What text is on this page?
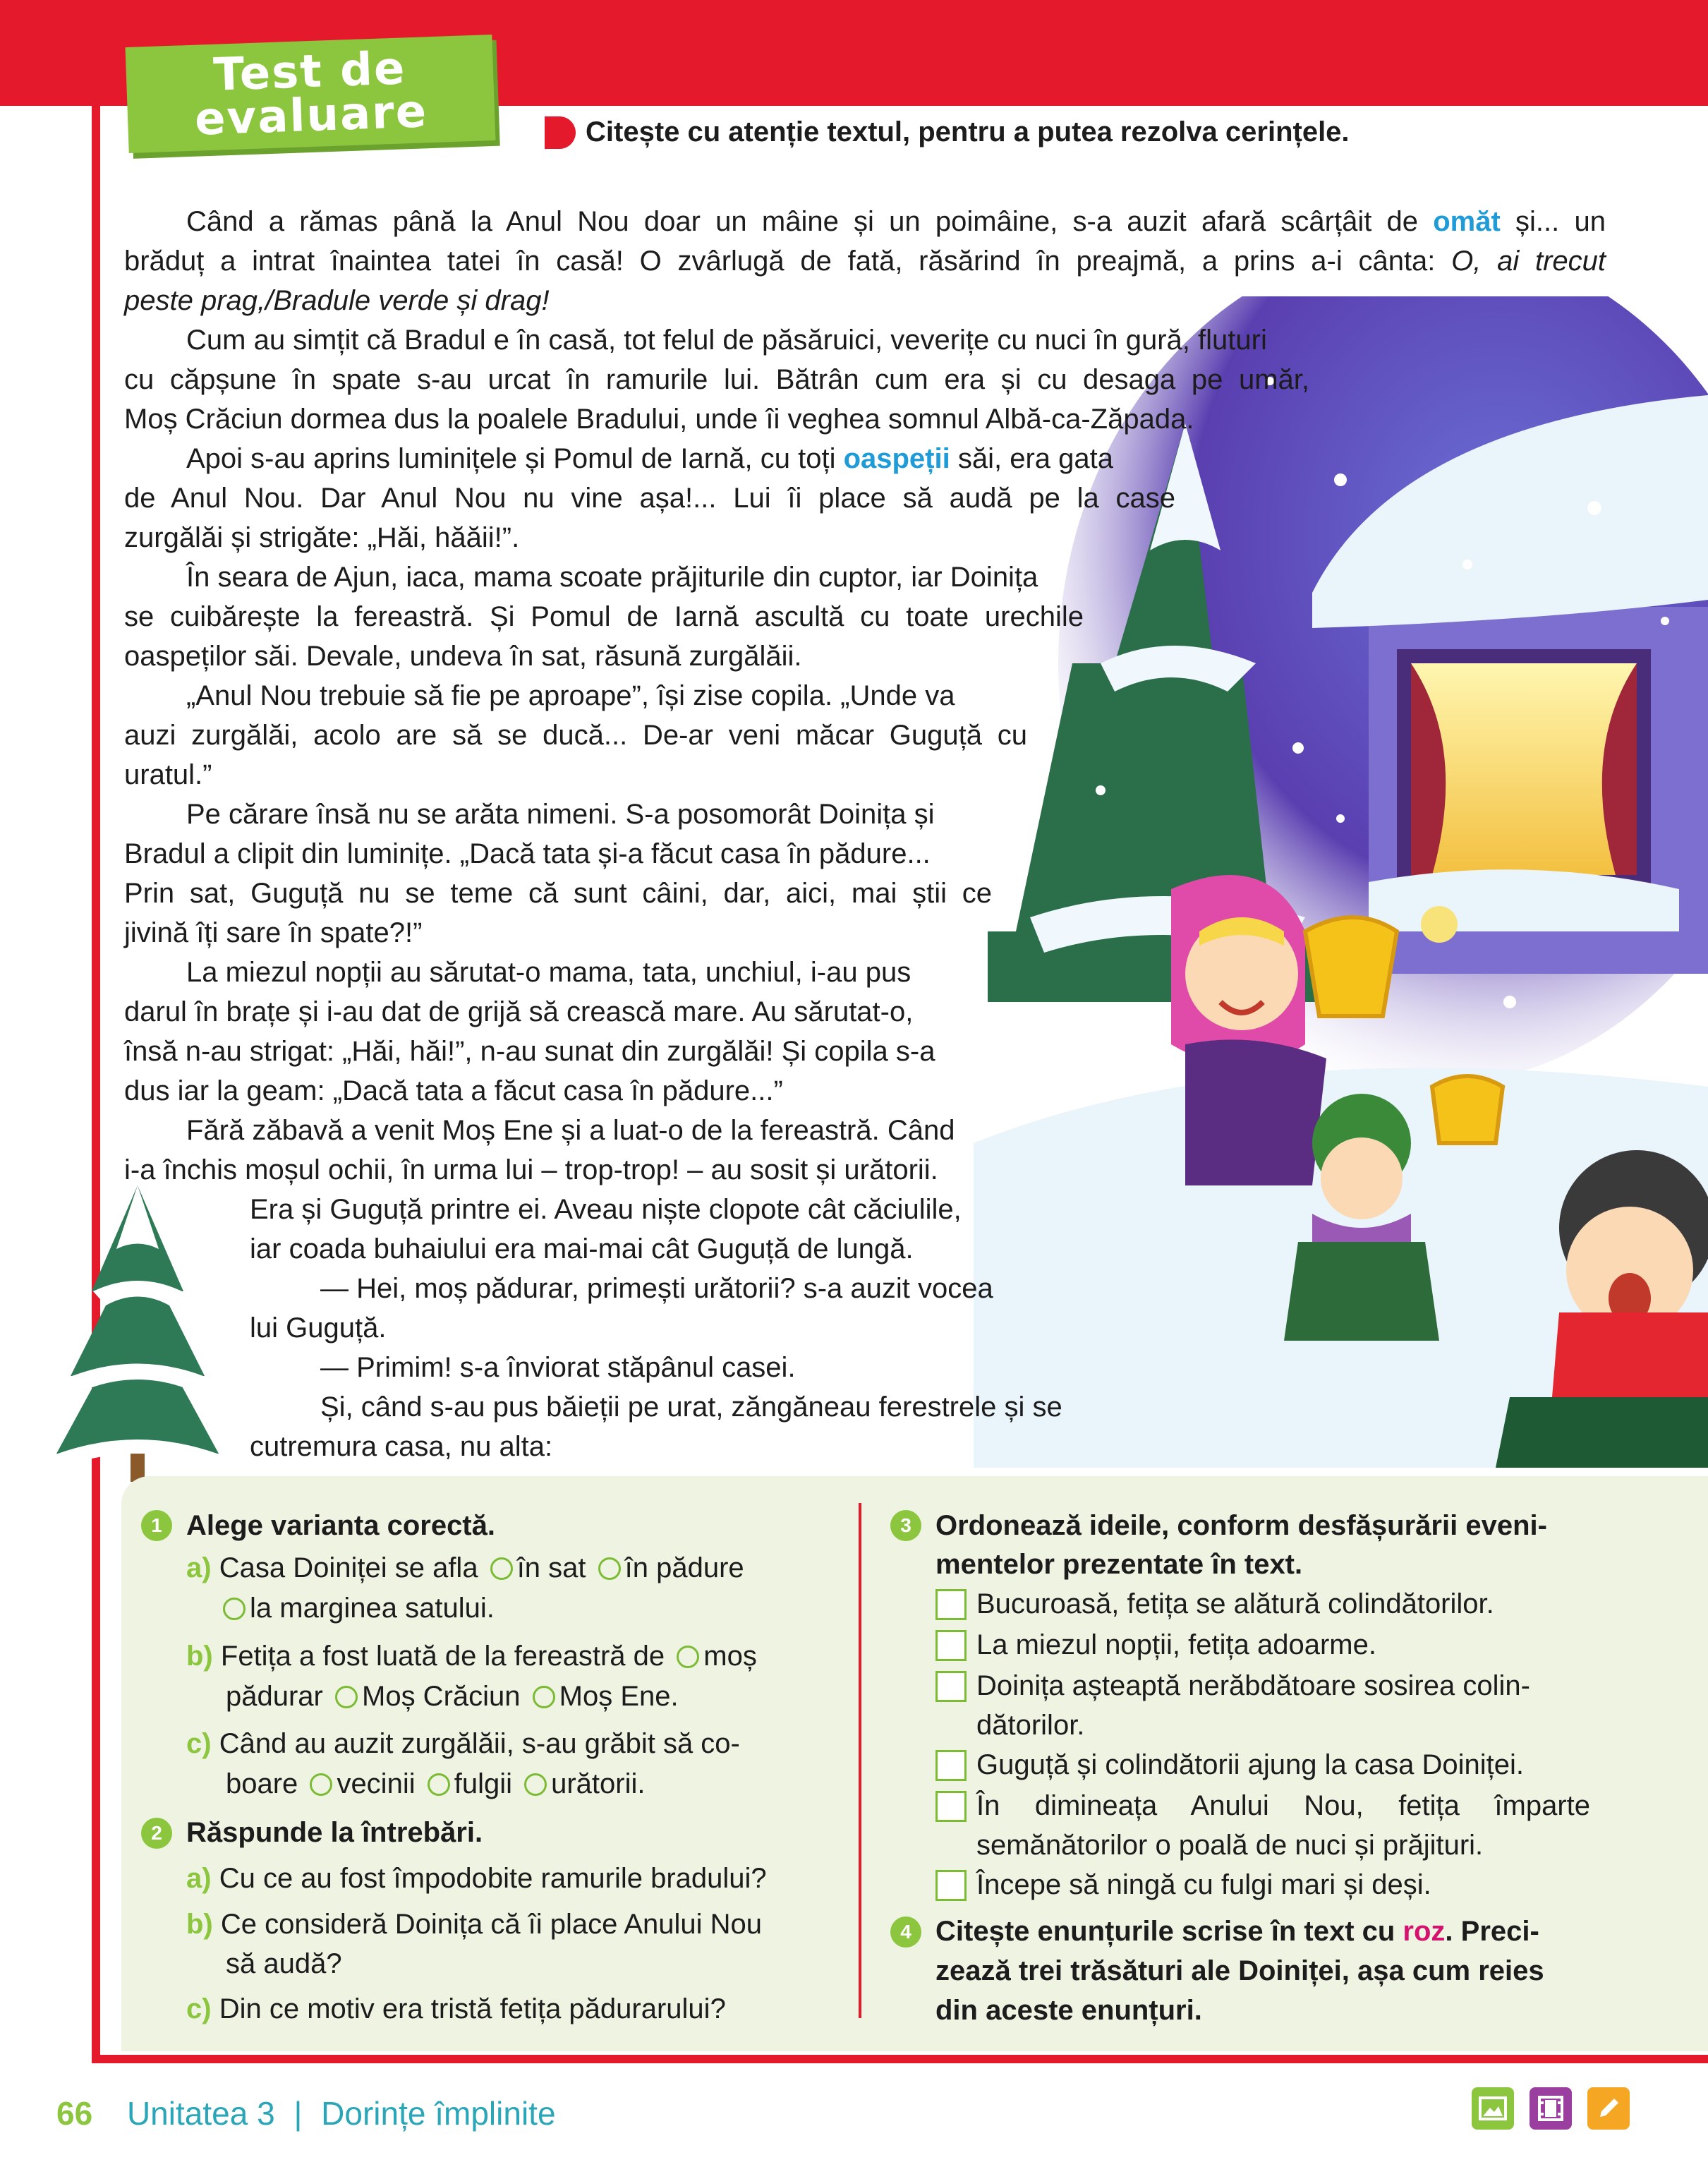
Test de
evaluare	Citește cu atenție textul, pentru a putea rezolva cerințele.
Când a rămas până la Anul Nou doar un mâine și un poimâine, s-a auzit afară scârțâit de omăt și... un
brăduț a intrat înaintea tatei în casă! O zvârlugă de fată, răsărind în preajmă, a prins a-i cânta: O, ai trecut
peste prag,/Bradule verde și drag!
Cum au simțit că Bradul e în casă, tot felul de păsăruici, veverițe cu nuci în gură, fluturi
cu căpșune în spate s-au urcat în ramurile lui. Bătrân cum era și cu desaga pe umăr,
Moș Crăciun dormea dus la poalele Bradului, unde îi veghea somnul Albă-ca-Zăpada.
Apoi s-au aprins luminițele și Pomul de Iarnă, cu toți oaspeții săi, era gata
de Anul Nou. Dar Anul Nou nu vine așa!... Lui îi place să audă pe la case
zurgălăi și strigăte: „Hăi, hăăii!”.
În seara de Ajun, iaca, mama scoate prăjiturile din cuptor, iar Doinița
se cuibărește la fereastră. Și Pomul de Iarnă ascultă cu toate urechile
oaspeților săi. Devale, undeva în sat, răsună zurgălăii.
„Anul Nou trebuie să fie pe aproape”, își zise copila. „Unde va
auzi zurgălăi, acolo are să se ducă... De-ar veni măcar Guguță cu
uratul.”
Pe cărare însă nu se arăta nimeni. S-a posomorât Doinița și
Bradul a clipit din luminițe. „Dacă tata și-a făcut casa în pădure...
Prin sat, Guguță nu se teme că sunt câini, dar, aici, mai știi ce
jivină îți sare în spate?!”
La miezul nopții au sărutat-o mama, tata, unchiul, i-au pus
darul în brațe și i-au dat de grijă să crească mare. Au sărutat-o,
însă n-au strigat: „Hăi, hăi!”, n-au sunat din zurgălăi! Și copila s-a
dus iar la geam: „Dacă tata a făcut casa în pădure...”
Fără zăbavă a venit Moș Ene și a luat-o de la fereastră. Când
i-a închis moșul ochii, în urma lui – trop-trop! – au sosit și urătorii.
Era și Guguță printre ei. Aveau niște clopote cât căciulile,
iar coada buhaiului era mai-mai cât Guguță de lungă.
— Hei, moș pădurar, primești urătorii? s-a auzit vocea
lui Guguță.
— Primim! s-a înviorat stăpânul casei.
Și, când s-au pus băieții pe urat, zăngăneau ferestrele și se
cutremura casa, nu alta:
1 Alege varianta corectă.
a) Casa Doiniței se afla în sat în pădure
la marginea satului.
b) Fetița a fost luată de la fereastră de moș
pădurar Moș Crăciun Moș Ene.
c) Când au auzit zurgălăii, s-au grăbit să co-
boare vecinii fulgii urătorii.
2 Răspunde la întrebări.
a) Cu ce au fost împodobite ramurile bradului?
b) Ce consideră Doinița că îi place Anului Nou
să audă?
c) Din ce motiv era tristă fetița pădurarului?
3 Ordonează ideile, conform desfășurării eveni-
mentelor prezentate în text.
Bucuroasă, fetița se alătură colindătorilor.
La miezul nopții, fetița adoarme.
Doinița așteaptă nerăbdătoare sosirea colin-
dătorilor.
Guguță și colindătorii ajung la casa Doiniței.
În dimineața Anului Nou, fetița împarte
semănătorilor o poală de nuci și prăjituri.
Începe să ningă cu fulgi mari și deși.
4 Citește enunțurile scrise în text cu roz. Preci-
zează trei trăsături ale Doiniței, așa cum reies
din aceste enunțuri.
66 Unitatea 3 | Dorințe împlinite
